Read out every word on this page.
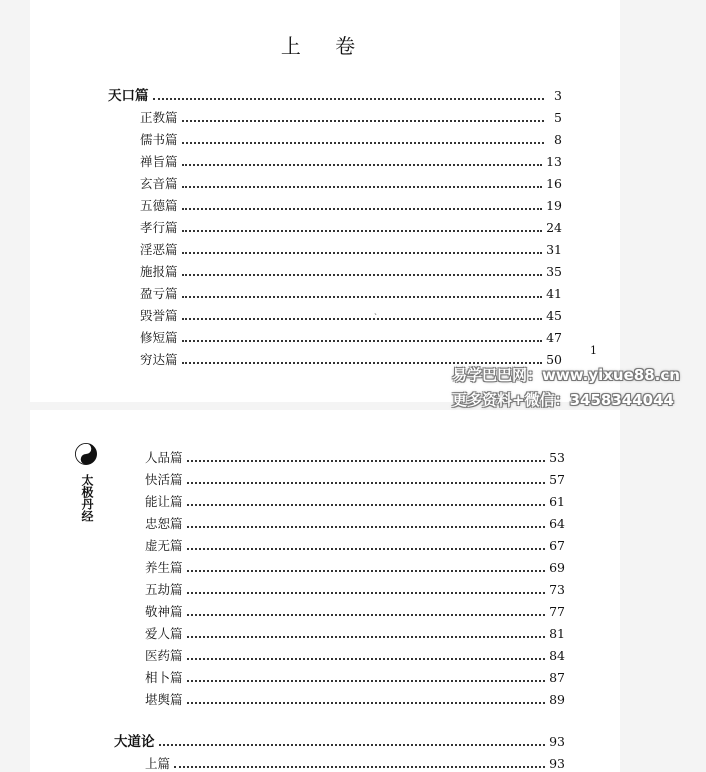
上 卷
天口篇	3
正教篇	5
儒书篇	8
禅旨篇	13
玄音篇	16
五德篇	19
孝行篇	24
淫恶篇	31
施报篇	35
盈亏篇	41
毁誉篇	45
修短篇	47
穷达篇	50
ˏ
1
太极丹经
人品篇	53
快活篇	57
能让篇	61
忠恕篇	64
虚无篇	67
养生篇	69
五劫篇	73
敬神篇	77
爱人篇	81
医药篇	84
相卜篇	87
堪舆篇	89
大道论	93
上篇	93
易学巴巴网：www.yixue88.cn
更多资料+微信：3458344044
